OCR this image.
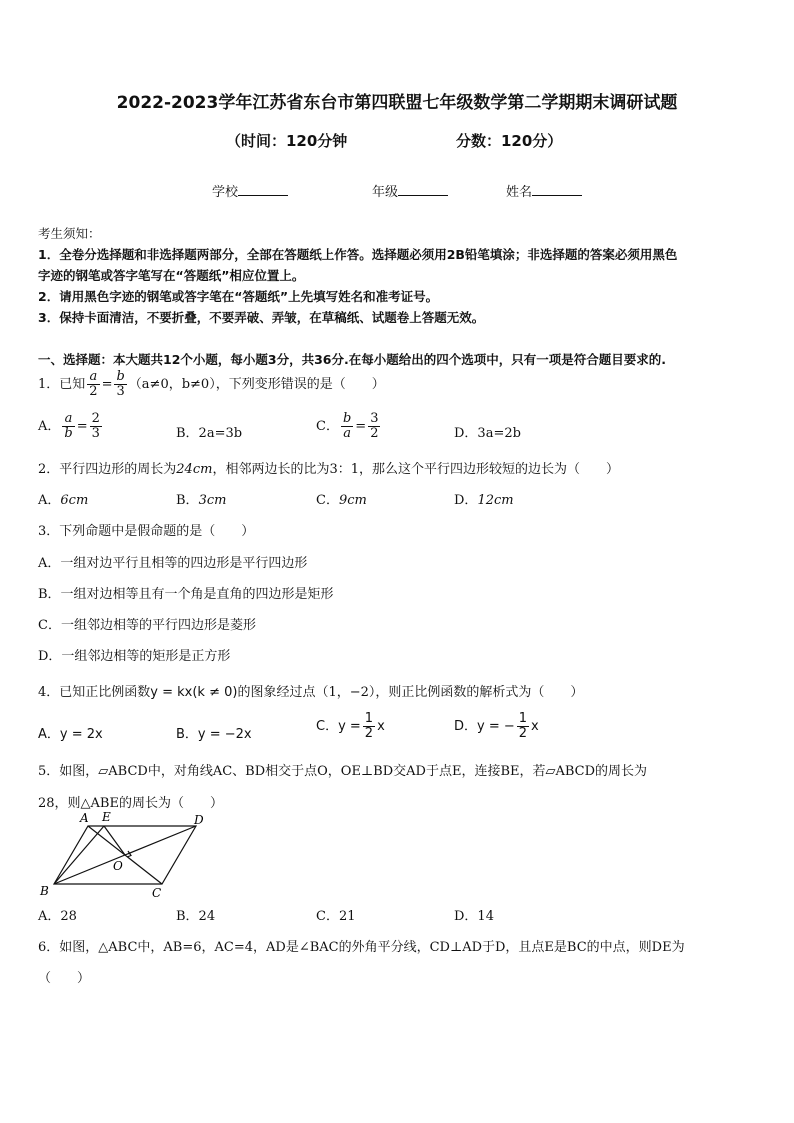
2022-2023学年江苏省东台市第四联盟七年级数学第二学期期末调研试题
（时间：120分钟	分数：120分）
学校	年级	姓名
考生须知：
1．全卷分选择题和非选择题两部分，全部在答题纸上作答。选择题必须用2B铅笔填涂；非选择题的答案必须用黑色
字迹的钢笔或答字笔写在“答题纸”相应位置上。
2．请用黑色字迹的钢笔或答字笔在“答题纸”上先填写姓名和准考证号。
3．保持卡面清洁，不要折叠，不要弄破、弄皱，在草稿纸、试题卷上答题无效。
一、选择题：本大题共12个小题，每小题3分，共36分.在每小题给出的四个选项中，只有一项是符合题目要求的.
1．已知 $\frac{a}{2} = \frac{b}{3} (a\ne 0$，b≠0），下列变形错误的是（　　）
A． $\frac{a}{b} = \frac{2}{3}$	B．2a=3b	C． $\frac{b}{a} = \frac{3}{2}$	D．3a=2b
2．平行四边形的周长为24cm，相邻两边长的比为3：1，那么这个平行四边形较短的边长为（　　）
A．6cm	B．3cm	C．9cm	D．12cm
3．下列命题中是假命题的是（　　）
A．一组对边平行且相等的四边形是平行四边形
B．一组对边相等且有一个角是直角的四边形是矩形
C．一组邻边相等的平行四边形是菱形
D．一组邻边相等的矩形是正方形
4．已知正比例函数y = kx(k ≠ 0)的图象经过点（1，−2），则正比例函数的解析式为（　　）
A．y = 2x	B．y = −2x
C．$y = \frac{1}{2}$ x	D．y = − $\frac{1}{2}$ x
5．如图，▱ABCD中，对角线AC、BD相交于点O，OE⊥BD交AD于点E，连接BE，若▱ABCD的周长为
28，则△ABE的周长为（　　）
A E	D
O
B	C
A．28	B．24	C．21	D．14
6．如图，△ABC中，AB=6，AC=4，AD是∠BAC的外角平分线，CD⊥AD于D，且点E是BC的中点，则DE为
（　　）
